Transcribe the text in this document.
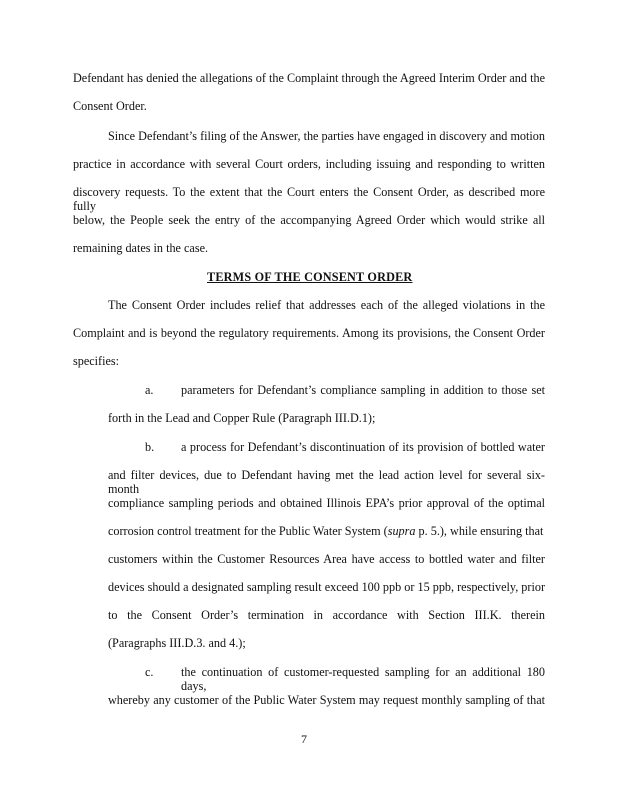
Defendant has denied the allegations of the Complaint through the Agreed Interim Order and the
Consent Order.
Since Defendant’s filing of the Answer, the parties have engaged in discovery and motion
practice in accordance with several Court orders, including issuing and responding to written
discovery requests. To the extent that the Court enters the Consent Order, as described more fully
below, the People seek the entry of the accompanying Agreed Order which would strike all
remaining dates in the case.
TERMS OF THE CONSENT ORDER
The Consent Order includes relief that addresses each of the alleged violations in the
Complaint and is beyond the regulatory requirements. Among its provisions, the Consent Order
specifies:
a. parameters for Defendant’s compliance sampling in addition to those set
forth in the Lead and Copper Rule (Paragraph III.D.1);
b. a process for Defendant’s discontinuation of its provision of bottled water
and filter devices, due to Defendant having met the lead action level for several six-month
compliance sampling periods and obtained Illinois EPA’s prior approval of the optimal
corrosion control treatment for the Public Water System (supra p. 5.), while ensuring that
customers within the Customer Resources Area have access to bottled water and filter
devices should a designated sampling result exceed 100 ppb or 15 ppb, respectively, prior
to the Consent Order’s termination in accordance with Section III.K. therein
(Paragraphs III.D.3. and 4.);
c. the continuation of customer-requested sampling for an additional 180 days,
whereby any customer of the Public Water System may request monthly sampling of that
7
